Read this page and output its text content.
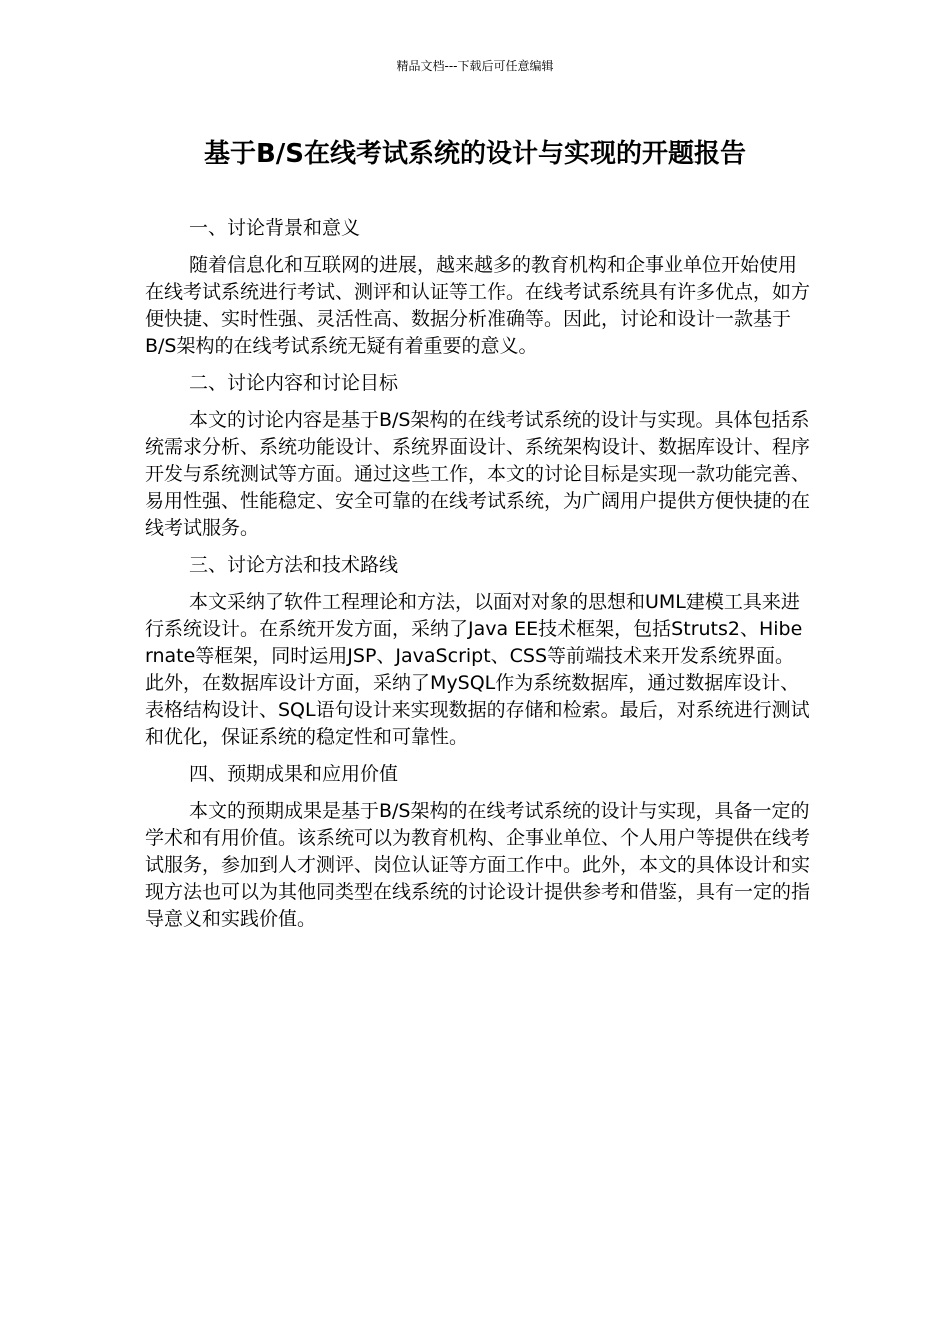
精品文档---下载后可任意编辑
基于B/S在线考试系统的设计与实现的开题报告
一、讨论背景和意义

随着信息化和互联网的进展，越来越多的教育机构和企事业单位开始使用在线考试系统进行考试、测评和认证等工作。在线考试系统具有许多优点，如方便快捷、实时性强、灵活性高、数据分析准确等。因此，讨论和设计一款基于B/S架构的在线考试系统无疑有着重要的意义。

二、讨论内容和讨论目标

本文的讨论内容是基于B/S架构的在线考试系统的设计与实现。具体包括系统需求分析、系统功能设计、系统界面设计、系统架构设计、数据库设计、程序开发与系统测试等方面。通过这些工作，本文的讨论目标是实现一款功能完善、易用性强、性能稳定、安全可靠的在线考试系统，为广阔用户提供方便快捷的在线考试服务。

三、讨论方法和技术路线

本文采纳了软件工程理论和方法，以面对对象的思想和UML建模工具来进行系统设计。在系统开发方面，采纳了Java EE技术框架，包括Struts2、Hibernate等框架，同时运用JSP、JavaScript、CSS等前端技术来开发系统界面。此外，在数据库设计方面，采纳了MySQL作为系统数据库，通过数据库设计、表格结构设计、SQL语句设计来实现数据的存储和检索。最后，对系统进行测试和优化，保证系统的稳定性和可靠性。

四、预期成果和应用价值

本文的预期成果是基于B/S架构的在线考试系统的设计与实现，具备一定的学术和有用价值。该系统可以为教育机构、企事业单位、个人用户等提供在线考试服务，参加到人才测评、岗位认证等方面工作中。此外，本文的具体设计和实现方法也可以为其他同类型在线系统的讨论设计提供参考和借鉴，具有一定的指导意义和实践价值。
